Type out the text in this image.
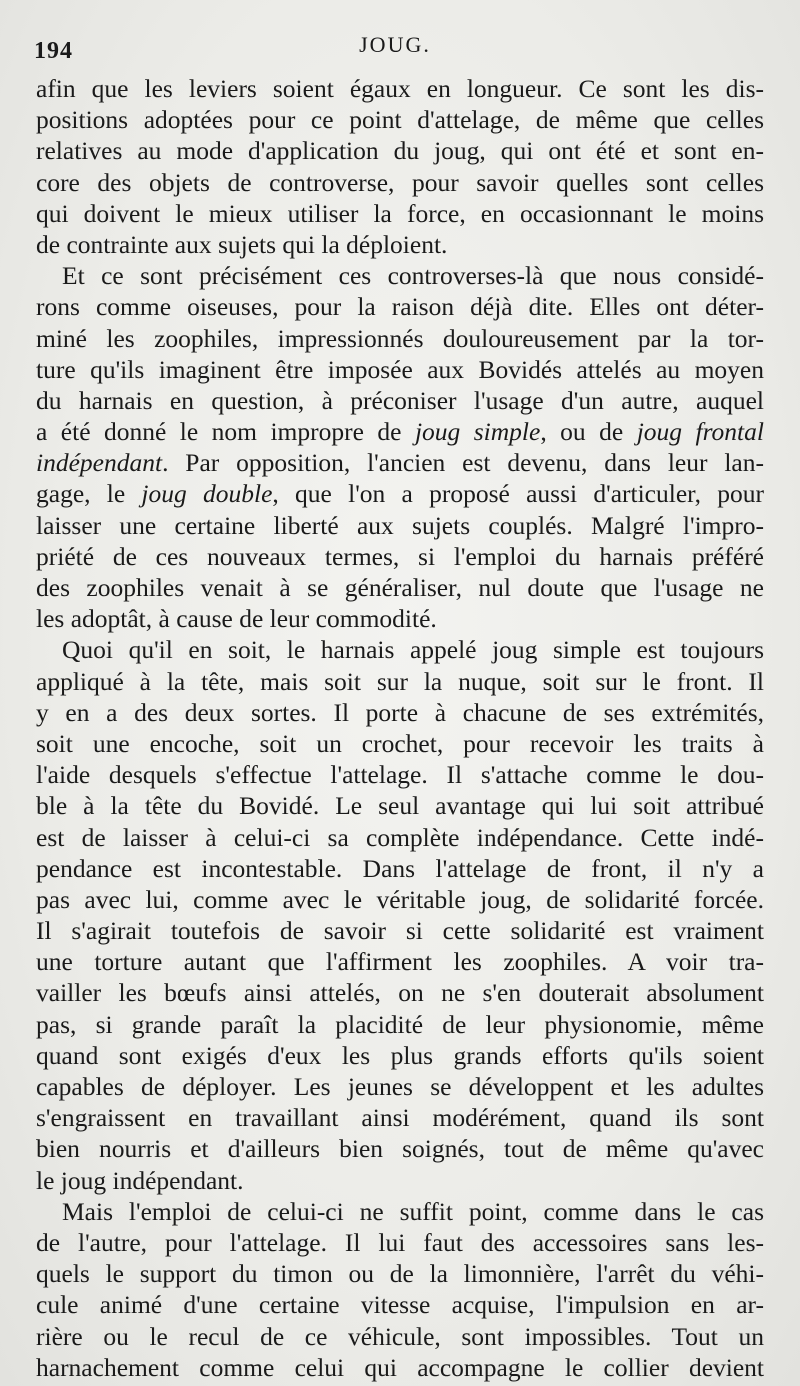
194	JOUG.
afin que les leviers soient égaux en longueur. Ce sont les dis-
positions adoptées pour ce point d'attelage, de même que celles
relatives au mode d'application du joug, qui ont été et sont en-
core des objets de controverse, pour savoir quelles sont celles
qui doivent le mieux utiliser la force, en occasionnant le moins
de contrainte aux sujets qui la déploient.
Et ce sont précisément ces controverses-là que nous considé-
rons comme oiseuses, pour la raison déjà dite. Elles ont déter-
miné les zoophiles, impressionnés douloureusement par la tor-
ture qu'ils imaginent être imposée aux Bovidés attelés au moyen
du harnais en question, à préconiser l'usage d'un autre, auquel
a été donné le nom impropre de joug simple, ou de joug frontal
indépendant. Par opposition, l'ancien est devenu, dans leur lan-
gage, le joug double, que l'on a proposé aussi d'articuler, pour
laisser une certaine liberté aux sujets couplés. Malgré l'impro-
priété de ces nouveaux termes, si l'emploi du harnais préféré
des zoophiles venait à se généraliser, nul doute que l'usage ne
les adoptât, à cause de leur commodité.
Quoi qu'il en soit, le harnais appelé joug simple est toujours
appliqué à la tête, mais soit sur la nuque, soit sur le front. Il
y en a des deux sortes. Il porte à chacune de ses extrémités,
soit une encoche, soit un crochet, pour recevoir les traits à
l'aide desquels s'effectue l'attelage. Il s'attache comme le dou-
ble à la tête du Bovidé. Le seul avantage qui lui soit attribué
est de laisser à celui-ci sa complète indépendance. Cette indé-
pendance est incontestable. Dans l'attelage de front, il n'y a
pas avec lui, comme avec le véritable joug, de solidarité forcée.
Il s'agirait toutefois de savoir si cette solidarité est vraiment
une torture autant que l'affirment les zoophiles. A voir tra-
vailler les bœufs ainsi attelés, on ne s'en douterait absolument
pas, si grande paraît la placidité de leur physionomie, même
quand sont exigés d'eux les plus grands efforts qu'ils soient
capables de déployer. Les jeunes se développent et les adultes
s'engraissent en travaillant ainsi modérément, quand ils sont
bien nourris et d'ailleurs bien soignés, tout de même qu'avec
le joug indépendant.
Mais l'emploi de celui-ci ne suffit point, comme dans le cas
de l'autre, pour l'attelage. Il lui faut des accessoires sans les-
quels le support du timon ou de la limonnière, l'arrêt du véhi-
cule animé d'une certaine vitesse acquise, l'impulsion en ar-
rière ou le recul de ce véhicule, sont impossibles. Tout un
harnachement comme celui qui accompagne le collier devient
